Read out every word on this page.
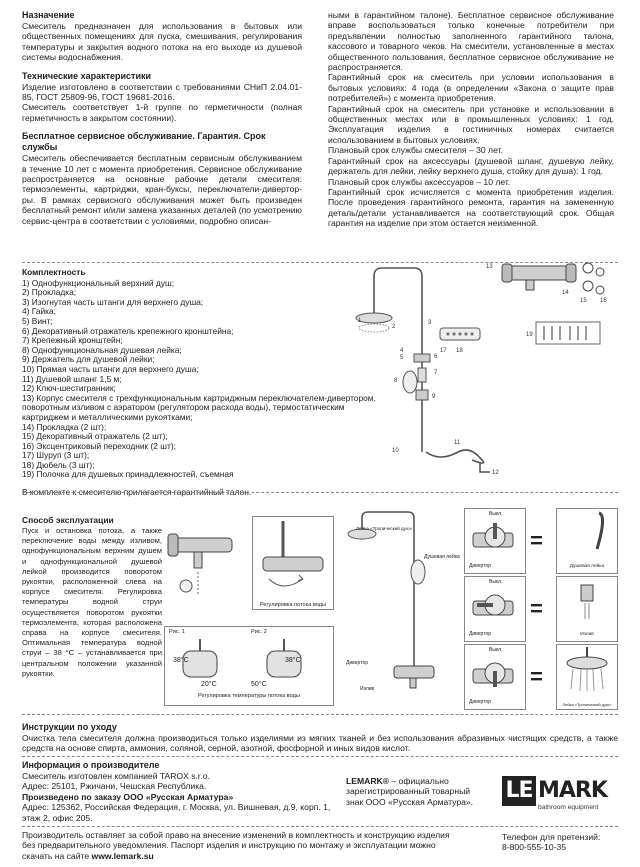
Назначение

Смеситель предназначен для использования в бытовых или общественных помещениях для пуска, смешивания, регулирования температуры и закрытия водного потока на его выходе из душевой системы водоснабжения.

Технические характеристики

Изделие изготовлено в соответствии с требованиями СНиП 2.04.01-85, ГОСТ 25809-96, ГОСТ 19681-2016.

Смеситель соответствует 1-й группе по герметичности (полная герметичность в закрытом состоянии).

Бесплатное сервисное обслуживание. Гарантия. Срок службы

Смеситель обеспечивается бесплатным сервисным обслуживанием в течение 10 лет с момента приобретения. Сервисное обслуживание распространяется на основные рабочие детали смесителя: термоэлементы, картриджи, кран-буксы, переключатели-дивертор-ры. В рамках сервисного обслуживания может быть произведен бесплатный ремонт и/или замена указанных деталей (по усмотрению сервис-центра в соответствии с условиями, подробно описан-

ными в гарантийном талоне). Бесплатное сервисное обслуживание вправе воспользоваться только конечные потребители при предъявлении полностью заполненного гарантийного талона, кассового и товарного чеков. На смесители, установленные в местах общественного пользования, бесплатное сервисное обслуживание не распространяется.

Гарантийный срок на смеситель при условии использования в бытовых условиях: 4 года (в определении «Закона о защите прав потребителей») с момента приобретения.

Гарантийный срок на смеситель при установке и использовании в общественных местах или в промышленных условиях: 1 год. Эксплуатация изделия в гостиничных номерах считается использованием в бытовых условиях.

Плановый срок службы смесителя – 30 лет.

Гарантийный срок на аксессуары (душевой шланг, душевую лейку, держатель для лейки, лейку верхнего душа, стойку для душа): 1 год.

Плановый срок службы аксессуаров – 10 лет.

Гарантийный срок исчисляется с момента приобретения изделия. После проведения гарантийного ремонта, гарантия на замененную деталь/детали устанавливается на соответствующий срок. Общая гарантия на изделие при этом остается неизменной.

Комплектность
1) Однофункциональный верхний душ;
2) Прокладка;
3) Изогнутая часть штанги для верхнего душа;
4) Гайка;
5) Винт;
6) Декоративный отражатель крепежного кронштейна;
7) Крепежный кронштейн;
8) Однофункциональная душевая лейка;
9) Держатель для душевой лейки;
10) Прямая часть штанги для верхнего душа;
11) Душевой шланг 1,5 м;
12) Ключ-шестигранник;
13) Корпус смесителя с трехфункциональным картриджным переключателем-дивертором,
поворотным изливом с аэратором (регулятором расхода воды), термостатическим
картриджем и металлическими рукоятками;
14) Прокладка (2 шт);
15) Декоративный отражатель (2 шт);
16) Эксцентриковый переходник (2 шт);
17) Шуруп (3 шт);
18) Дюбель (3 шт);
19) Полочка для душевых принадлежностей, съемная
В комплекте к смесителю прилагается гарантийный талон.
1
2
3
4
5	6
7
8
9
10
11
12
13
14
15 16
17 18
19
Способ эксплуатации

Пуск и остановка потока, а также переключение воды между изливом, однофункциональным верхним душем и однофункциональной душевой лейкой производится поворотом рукоятки, расположенной слева на корпусе смесителя. Регулировка температуры водной струи осуществляется поворотом рукоятки термоэлемента, которая расположена справа на корпусе смесителя. Оптимальная температура водной струи – 38 °С – устанавливается при центральном положении указанной рукоятки.

Регулировка потока воды
Рис. 1	Рис. 2
38°C
20°C	50°C
38°C
Регулировка температуры потока воды
Лейка «Тропический душ»
Душевая лейка
Дивертор
Излив
Выкл.
Дивертор
=
Душевая лейка
Выкл.
Дивертор
=
Излив
Выкл.
Дивертор
=
Лейка «Тропический душ»
Инструкции по уходу

Очистка тела смесителя должна производиться только изделиями из мягких тканей и без использования абразивных чистящих средств, а также средств на основе спирта, аммония, соляной, серной, азотной, фосфорной и иных видов кислот.

Информация о производителе
Смеситель изготовлен компанией TAROX s.r.o.
Адрес: 25101, Ржичани, Чешская Республика.
Произведено по заказу ООО «Русская Арматура»
Адрес: 125362, Российская Федерация, г. Москва, ул. Вишневая, д.9, корп. 1,
этаж 2, офис 205.
LEMARK® – официально
зарегистрированный товарный
знак ООО «Русская Арматура».	LE MARK
bathroom equipment
Производитель оставляет за собой право на внесение изменений в комплектность и конструкцию изделия
без предварительного уведомления. Паспорт изделия и инструкцию по монтажу и эксплуатации можно
скачать на сайте www.lemark.su
Телефон для претензий:
8-800-555-10-35
